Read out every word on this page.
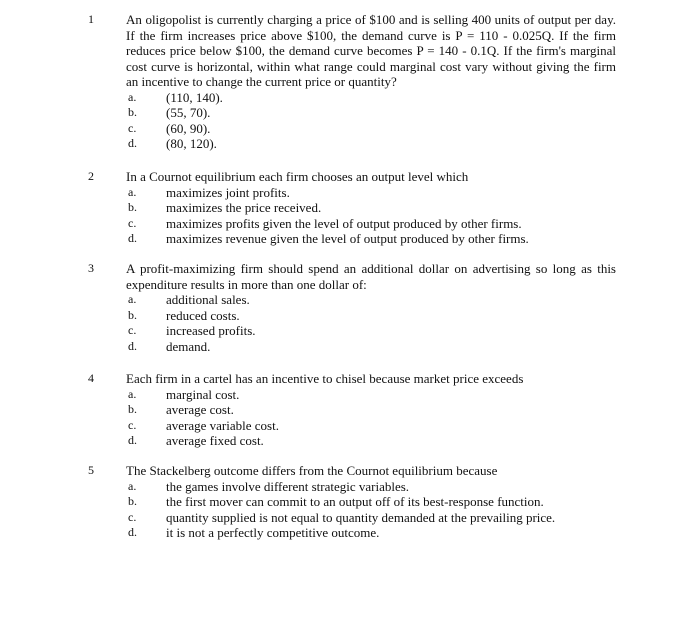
1 An oligopolist is currently charging a price of $100 and is selling 400 units of output per day. If the firm increases price above $100, the demand curve is P = 110 - 0.025Q. If the firm reduces price below $100, the demand curve becomes P = 140 - 0.1Q. If the firm's marginal cost curve is horizontal, within what range could marginal cost vary without giving the firm an incentive to change the current price or quantity?

a. (110, 140).
b. (55, 70).
c. (60, 90).
d. (80, 120).
2 In a Cournot equilibrium each firm chooses an output level which

a. maximizes joint profits.
b. maximizes the price received.
c. maximizes profits given the level of output produced by other firms.
d. maximizes revenue given the level of output produced by other firms.
3 A profit-maximizing firm should spend an additional dollar on advertising so long as this expenditure results in more than one dollar of:

a. additional sales.
b. reduced costs.
c. increased profits.
d. demand.
4 Each firm in a cartel has an incentive to chisel because market price exceeds

a. marginal cost.
b. average cost.
c. average variable cost.
d. average fixed cost.
5 The Stackelberg outcome differs from the Cournot equilibrium because

a. the games involve different strategic variables.
b. the first mover can commit to an output off of its best-response function.
c. quantity supplied is not equal to quantity demanded at the prevailing price.
d. it is not a perfectly competitive outcome.
